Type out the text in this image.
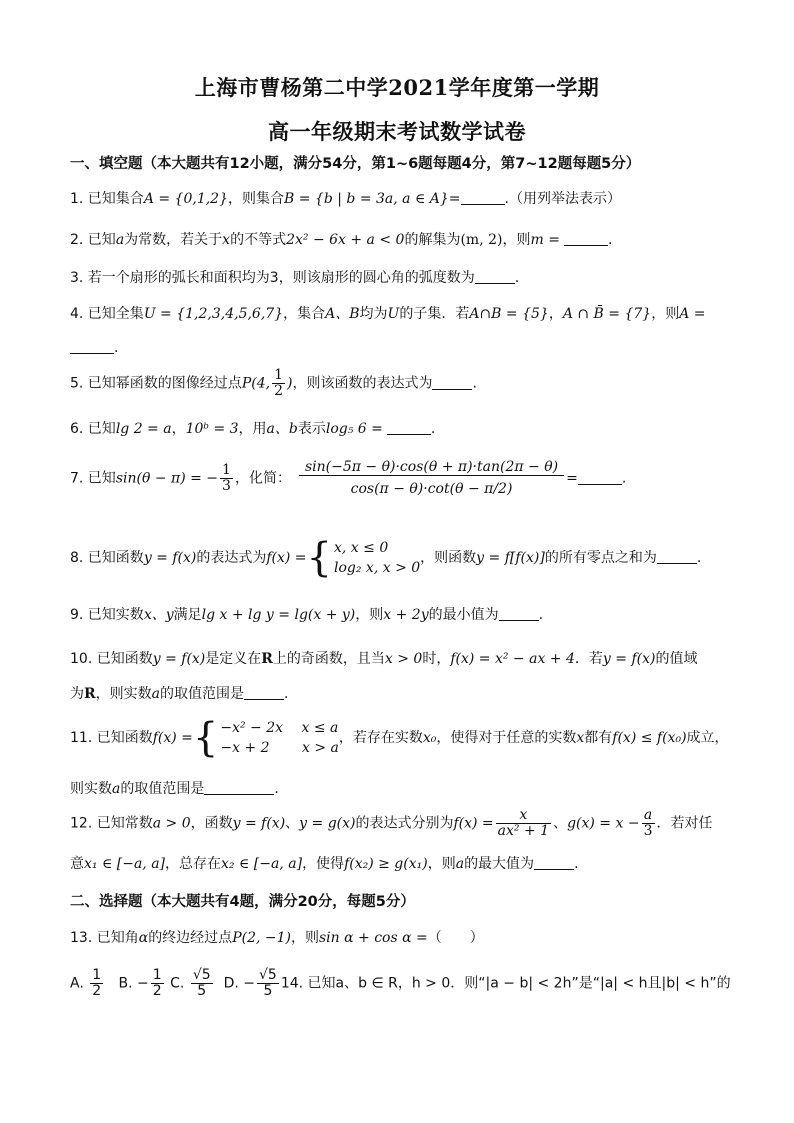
上海市曹杨第二中学2021学年度第一学期
高一年级期末考试数学试卷
一、填空题（本大题共有12小题，满分54分，第1~6题每题4分，第7~12题每题5分）
1. 已知集合A = {0,1,2}，则集合B = {b | b = 3a, a ∈ A}=	.（用列举法表示）
2. 已知a为常数，若关于x的不等式2x² − 6x + a < 0的解集为(m, 2)，则m =	.
3. 若一个扇形的弧长和面积均为3，则该扇形的圆心角的弧度数为	.
4. 已知全集U = {1,2,3,4,5,6,7}，集合A、B均为U的子集．若A∩B = {5}，A ∩ B̄ = {7}，则A =
.
5. 已知幂函数的图像经过点P(4, $\frac{1}{2}$ )，则该函数的表达式为	.
6. 已知lg 2 = a，10ᵇ = 3，用a、b表示log₅ 6 =	.
7. 已知sin(θ − π) = − $\frac{1}{3}$ ，化简： $\frac{\sin(-5\pi - \theta)\cdot\cos(\theta + \pi)\cdot\tan(2\pi - \theta)}{\cos(\pi - \theta)\cdot\cot(\theta - \pi/2)}$ =	.
8. 已知函数y = f(x)的表达式为f(x) ={ x, x ≤ 0
log₂ x, x > 0
，则函数y = f[f(x)]的所有零点之和为	.
9. 已知实数x、y满足lg x + lg y = lg(x + y)，则x + 2y的最小值为	.
10. 已知函数y = f(x)是定义在R上的奇函数，且当x > 0时，f(x) = x² − ax + 4．若y = f(x)的值域
为R，则实数a的取值范围是	.
11. 已知函数f(x) ={ −x² − 2x　 x ≤ a
−x + 2　　 x > a
，若存在实数x₀，使得对于任意的实数x都有f(x) ≤ f(x₀)成立，
则实数a的取值范围是	.
12. 已知常数a > 0，函数y = f(x)、y = g(x)的表达式分别为$f(x) = \frac{x}{\text{ax² + 1}}$ 、$g(x) = x - \frac{a}{3}$ ．若对任
意x₁ ∈ [−a, a]，总存在x₂ ∈ [−a, a]，使得f(x₂) ≥ g(x₁)，则a的最大值为	.
二、选择题（本大题共有4题，满分20分，每题5分）
13. 已知角α的终边经过点P(2, −1)，则sin α + cos α =（　　）
A. $\frac{1}{2} B$. − $\frac{1}{2} C$. $\frac{√5}{5} D$. − $\frac{√5}{5} 14$. 已知a、b ∈ R，h > 0．则“|a − b| < 2h”是“|a| < h且|b| < h”的
